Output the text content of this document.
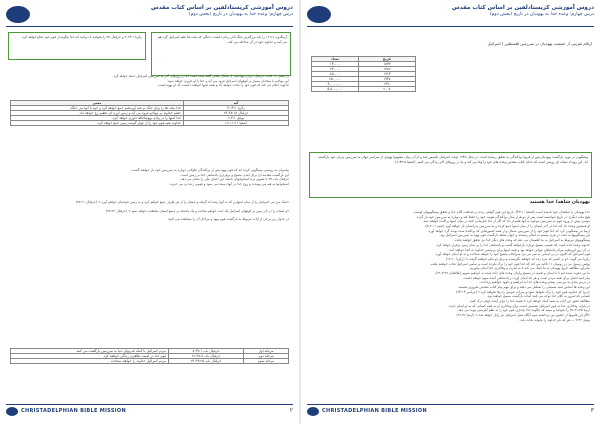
دروس آموزشی کریستادلفین بر اساس کتاب مقدس
درس چهارم: وعده خدا به یهودیان در تاریخ (بخش دوم)
آرمگدون ۱۶:۱۶ را باید بزرگترین جنگ آخر زمان دانست؛ جنگی که ملت ها علیه اسرائیل گرد هم می آیند و خداوند خود در آن مداخله می کند.
زکریا ۱۴:۱-۳ و حزقیال ۳۸ را بخوانید تا دریابید که خدا چگونه از قوم خود دفاع خواهد کرد.
در فصل ۳۸ کتاب حزقیال درباره مهاجمی از شمال سخن گفته شده است که در روزهای آخر به سرزمین اسرائیل حمله خواهد کرد.
این مهاجم با متحدان بسیار بر کوههای اسرائیل فرود می آید و خدا با او داوری خواهد نمود.
خداوند اعلام می کند که قوم خود را نجات خواهد داد و همه امتها خواهند دانست که او یهوه است.
آیه	معنی
زکریا ۱۴:۱-۳	خدا ملت ها را برای جنگ بر ضد اورشلیم جمع خواهد کرد و خود با آنها می جنگد.
حزقیال ۳۸:۱۸-۲۳	خشم خداوند بر مهاجم فرود می آید و زمین لرزه ای عظیم رخ خواهد داد.
یوئیل ۳:۱-۲	خدا امتها را در وادی یهوشافاط داوری خواهد کرد.
اشعیا ۱۱:۱۱-۱۲	خداوند بقیه قوم خود را از چهار گوشه زمین جمع خواهد کرد.
پیامبران به روشنی پیشگویی کرده اند که قوم یهود پس از پراکندگی طولانی دوباره به سرزمین خود باز خواهند گشت.
این بازگشت مقدمه ای برای آمدن مسیح و برقراری پادشاهی خدا بر زمین است.
حزقیال باب ۳۷ با تصویر دره استخوانهای خشک این احیای ملی را نشان می دهد.
استخوانها به هم می پیوندند و روح خدا در آنها دمیده می شود و قومی زنده بر می خیزند.
«اینک من بنی اسرائیل را از میان امتهایی که به آنها رفته اند گرفته و ایشان را از هر طرف جمع خواهم کرد و به زمین خودشان خواهم آورد.» (حزقیال ۳۷:۲۱)
«و ایشان را در آن زمین بر کوههای اسرائیل یک امت خواهم ساخت و یک پادشاه بر جمیع ایشان سلطنت خواهد نمود.» (حزقیال ۳۷:۲۲)
در جدول زیر برخی از آیات مربوط به بازگشت قوم یهود و مراحل آن را مشاهده می کنید:
مرحله اول	حزقیال باب ۳۷:۱-۸	مردم اسرائیل با کمک قدرتهای دنیا به سرزمین بازگشت می کنند
مرحله دوم	حزقیال باب ۳۸:۸-۱۲	قوم خدا در امنیت ظاهری زندگی خواهند کرد
مرحله سوم	حزقیال باب ۳۹:۲۵-۲۹	مردم اسرائیل خداوند را خواهند شناخت
CHRISTADELPHIAN BIBLE MISSION	۲
دروس آموزشی کریستادلفین بر اساس کتاب مقدس
درس چهارم: وعده خدا به یهودیان در تاریخ (بخش دوم)
ارقام تقریبی از جمعیت یهودیان در سرزمین فلسطین / اسرائیل
تاریخ	تعداد
۱۸۴۷	۱۴,۰۰۰
۱۸۸۲	۲۴,۰۰۰
۱۹۱۴	۸۵,۰۰۰
۱۹۴۸	۶۵۰,۰۰۰
۱۹۹۰	۴,۰۰۰,۰۰۰
۲۰۰۸	۵,۵۰۰,۰۰۰
پیشگویی در مورد بازگشت یهودیان پس از قرنها پراکندگی به تحقق رسیده است. در سال ۱۹۴۸ دولت اسرائیل تأسیس شد و از آن زمان میلیونها یهودی از سراسر جهان به سرزمین پدران خود بازگشته اند. این رویداد نشانه ای روشن است که خدای کتاب مقدس وعده های خود را وفا می کند و ما در روزهای آخر زندگی می کنیم. (اشعیا ۴۳:۵-۶)
یهودیان شاهدا خدا هستند
خدا یهودیان را شاهدان خود نامیده است (اشعیا ۴۳:۱۰). تاریخ این قوم گواهی زنده بر صداقت کلام خدا و تحقق پیشگوییهای اوست.
هیچ ملت دیگری در تاریخ نتوانسته است پس از دو هزار سال پراکندگی هویت خود را حفظ کند و دوباره به سرزمین خود باز گردد.
موسی پیش از ورود قوم به سرزمین موعود به آنها هشدار داد که اگر از خدا نافرمانی کنند در میان امتها پراکنده خواهند شد.
او همچنین وعده داد که خدا در آخر ایشان را از میان امتها جمع کرده و به سرزمین پدرانشان باز خواهد آورد (تثنیه ۳۰:۱-۵).
ارمیا نیز پیشگویی کرد که خدا قوم خود را از سرزمین شمال و از همه کشورهایی که پراکنده شده بودند گرد خواهد آورد.
این پیشگوییها به دقت در قرن بیستم به انجام رسیدند و جهان شاهد بازگشت قوم یهود به سرزمین اسرائیل بود.
پیشگوییهای مربوط به اسرائیل به ما اطمینان می دهد که وعده های دیگر خدا نیز تحقق خواهند یافت.
خداوند وعده داده است که عیسی مسیح دوباره بازخواهد گشت و پادشاهی خدا را بر تمام زمین برقرار خواهد کرد.
در آن روز اورشلیم مرکز پادشاهی جهانی خواهد بود و همه امتها برای پرستش خداوند به آنجا خواهند آمد.
قوم اسرائیل که اکنون در بی ایمانی به سر می برد سرانجام مسیح خود را خواهد شناخت و به او ایمان خواهد آورد.
زکریا می گوید: «و بر کسی که نیزه زده اند خواهند نگریست و برای او ماتم خواهند گرفت.» (زکریا ۱۲:۱۰)
پولس رسول نیز در رومیان ۱۱ تأکید می کند که خدا قوم خود را ترک نکرده است و تمامی اسرائیل نجات خواهند یافت.
بنابراین مطالعه تاریخ یهودیان به ما کمک می کند تا به قدرت و وفاداری خدا ایمان بیاوریم.
ما نیز دعوت شده ایم تا با ایمان و تعمید در مسیح وارثان وعده های داده شده به ابراهیم شویم (غلاطیان ۳:۲۷-۲۹).
پیام امید انجیل برای همه مردم است و هر که ایمان آورد در پادشاهی آینده سهم خواهد داشت.
در درس بعدی به بررسی بیشتر وعده های خدا به ابراهیم و داوود خواهیم پرداخت.
این وعده ها اساس امید مسیحی را تشکیل می دهند و برای فهم پیام کتاب مقدس ضروری هستند.
«زیرا که خداوند قوم خود را ترک نخواهد نمود و میراث خویش را رها نخواهد کرد.» (مزامیر ۹۴:۱۴)
کسانی که امروز به کلام خدا توجه می کنند آماده بازگشت مسیح خواهند بود.
مطالعه دقیق این آیات به شما کمک خواهد کرد تا نقشه خدا را برای آینده جهان درک کنید.
در پایان، وفاداری خدا به قوم اسرائیل تضمینی است برای وفاداری او به همه کسانی که به او ایمان دارند.
ارمیا ۳۱:۳۵-۳۷ را بخوانید و ببینید که چگونه خدا پایداری قوم خود را به نظم آفرینش پیوند می دهد.
«اگر این قانونها از حضور من برداشته شود آنگاه نسل اسرائیل نیز زایل خواهد شد.» (ارمیا ۳۱:۳۶)
یوئیل ۲:۳۲ — هر که نام خداوند را بخواند نجات یابد.
CHRISTADELPHIAN BIBLE MISSION	۳
